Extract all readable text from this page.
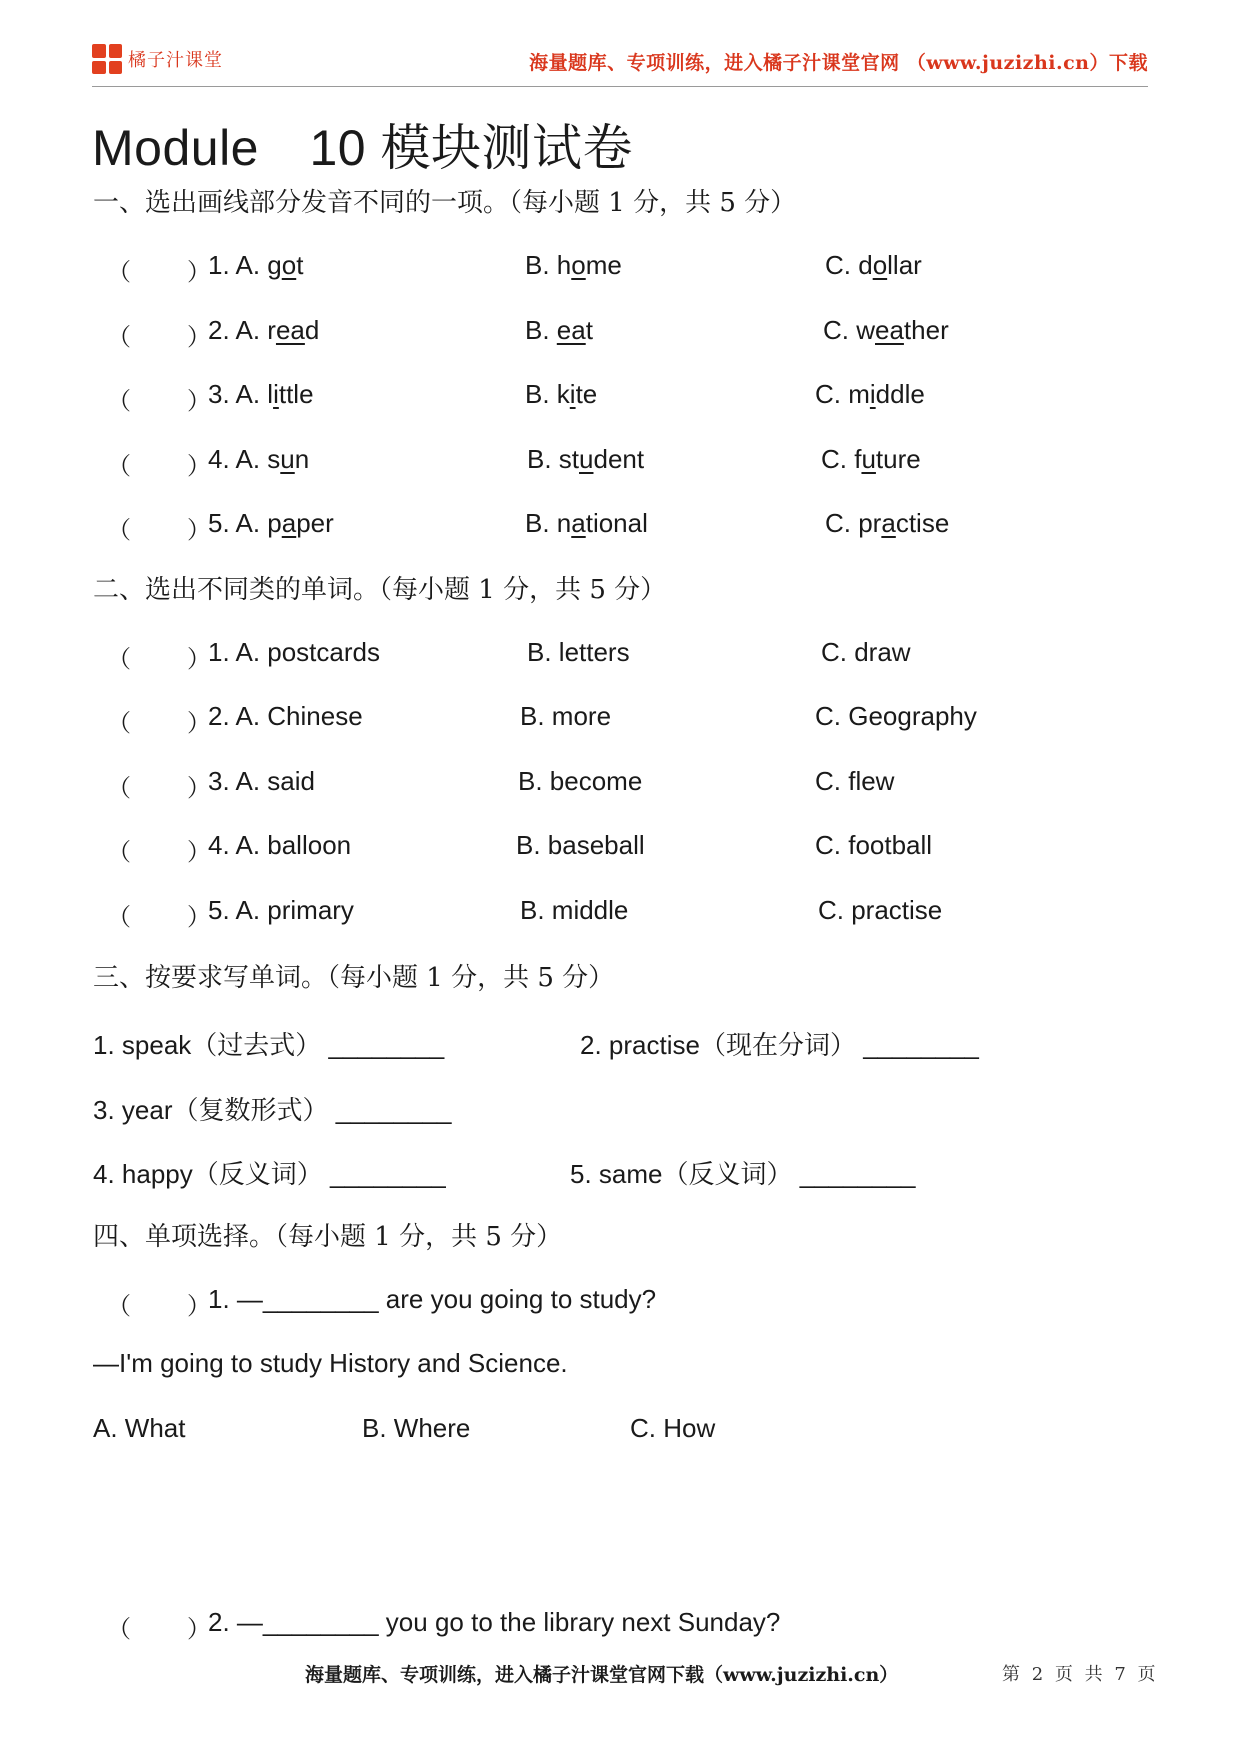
橘子汁课堂	海量题库、专项训练，进入橘子汁课堂官网 （www.juzizhi.cn）下载
Module　10 模块测试卷
一、选出画线部分发音不同的一项。（每小题 1 分，共 5 分）
（ ）
1. A. got	B. home	C. dollar
（ ）
2. A. read	B. eat	C. weather
（ ）
3. A. little	B. kite	C. middle
（ ）
4. A. sun	B. student	C. future
（ ）
5. A. paper	B. national	C. practise
二、选出不同类的单词。（每小题 1 分，共 5 分）
（ ）
1. A. postcards	B. letters	C. draw
（ ）
2. A. Chinese	B. more	C. Geography
（ ）
3. A. said	B. become	C. flew
（ ）
4. A. balloon	B. baseball	C. football
（ ）
5. A. primary	B. middle	C. practise
三、按要求写单词。（每小题 1 分，共 5 分）
1. speak（过去式） ________	2. practise（现在分词） ________
3. year（复数形式） ________
4. happy（反义词） ________	5. same（反义词） ________
四、单项选择。（每小题 1 分，共 5 分）
（ ）
1. —________ are you going to study?
—I'm going to study History and Science.
A. What	B. Where	C. How
（ ）
2. —________ you go to the library next Sunday?
海量题库、专项训练，进入橘子汁课堂官网下载（www.juzizhi.cn）	第 2 页 共 7 页
